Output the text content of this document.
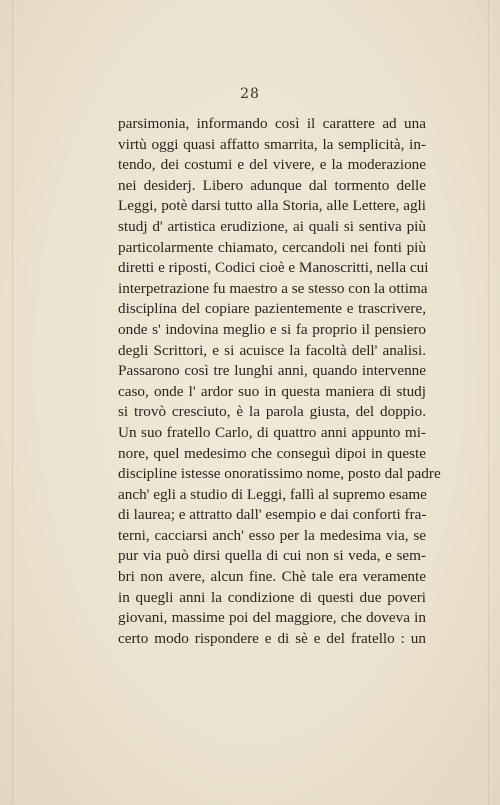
28
parsimonia, informando così il carattere ad una
virtù oggi quasi affatto smarrita, la semplicità, in-
tendo, dei costumi e del vivere, e la moderazione
nei desiderj. Libero adunque dal tormento delle
Leggi, potè darsi tutto alla Storia, alle Lettere, agli
studj d' artistica erudizione, ai quali si sentiva più
particolarmente chiamato, cercandoli nei fonti più
diretti e riposti, Codici cioè e Manoscritti, nella cui
interpetrazione fu maestro a se stesso con la ottima
disciplina del copiare pazientemente e trascrivere,
onde s' indovina meglio e si fa proprio il pensiero
degli Scrittori, e si acuisce la facoltà dell' analisi.
Passarono così tre lunghi anni, quando intervenne
caso, onde l' ardor suo in questa maniera di studj
si trovò cresciuto, è la parola giusta, del doppio.
Un suo fratello Carlo, di quattro anni appunto mi-
nore, quel medesimo che conseguì dipoi in queste
discipline istesse onoratissimo nome, posto dal padre
anch' egli a studio di Leggi, fallì al supremo esame
di laurea; e attratto dall' esempio e dai conforti fra-
terni, cacciarsi anch' esso per la medesima via, se
pur via può dirsi quella di cui non si veda, e sem-
bri non avere, alcun fine. Chè tale era veramente
in quegli anni la condizione di questi due poveri
giovani, massime poi del maggiore, che doveva in
certo modo rispondere e di sè e del fratello : un
